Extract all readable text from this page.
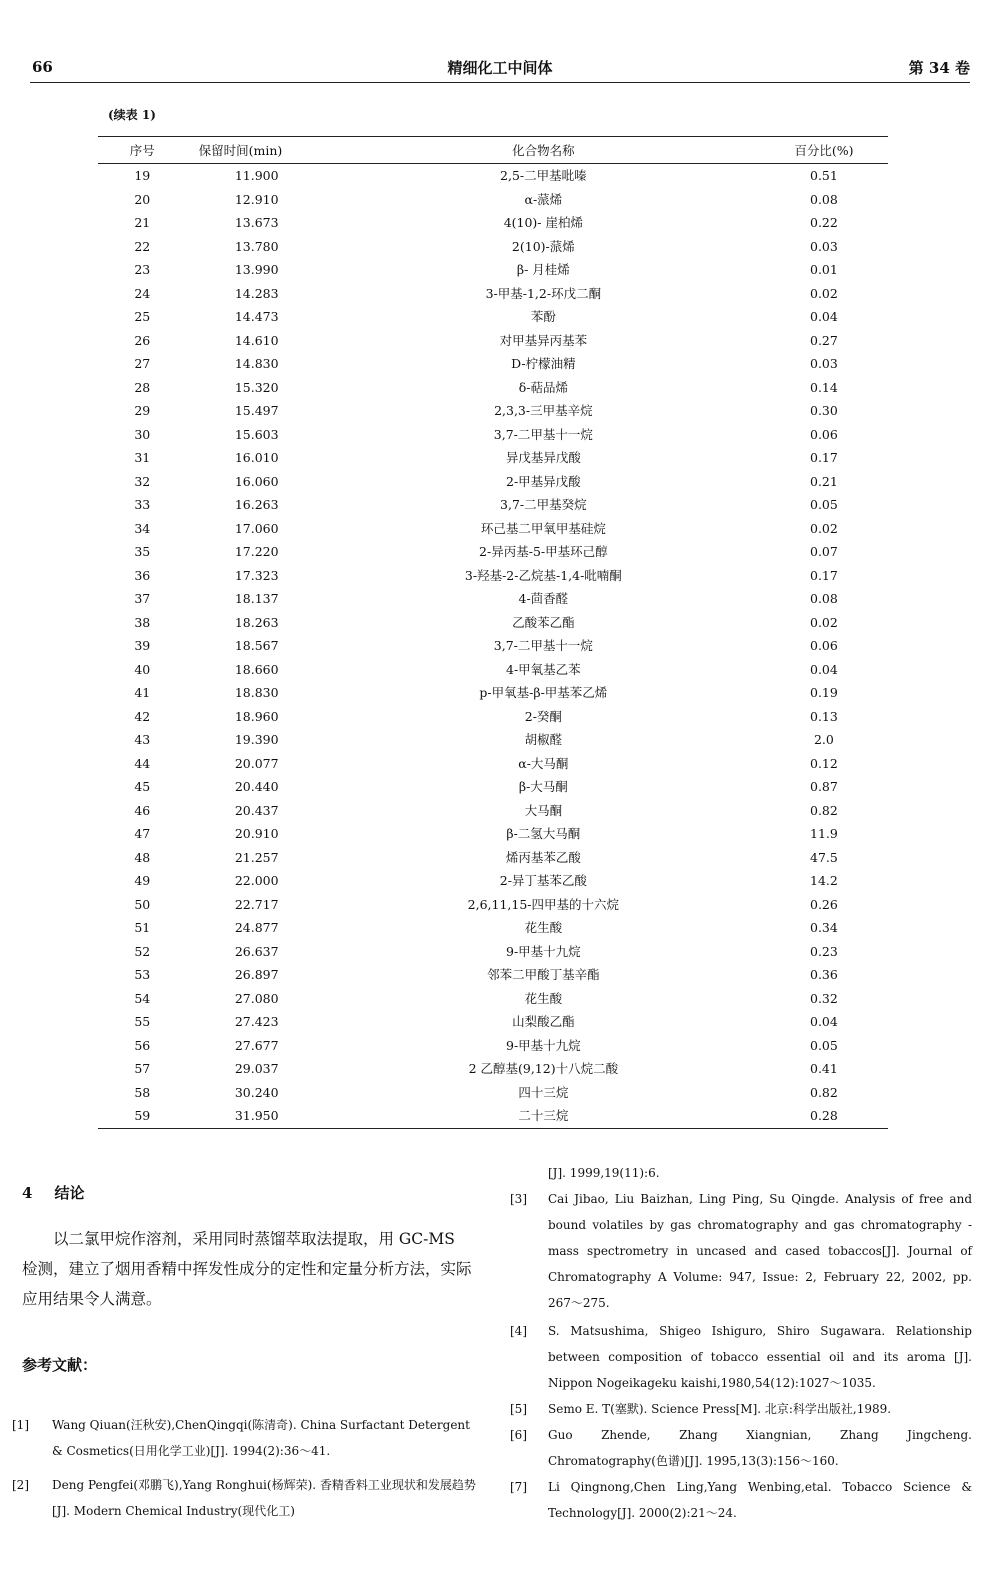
66	精细化工中间体	第 34 卷
(续表 1)
序号	保留时间(min)	化合物名称	百分比(%)
19	11.900	2,5-二甲基吡嗪	0.51
20	12.910	α-蒎烯	0.08
21	13.673	4(10)- 崖柏烯	0.22
22	13.780	2(10)-蒎烯	0.03
23	13.990	β- 月桂烯	0.01
24	14.283	3-甲基-1,2-环戊二酮	0.02
25	14.473	苯酚	0.04
26	14.610	对甲基异丙基苯	0.27
27	14.830	D-柠檬油精	0.03
28	15.320	δ-萜品烯	0.14
29	15.497	2,3,3-三甲基辛烷	0.30
30	15.603	3,7-二甲基十一烷	0.06
31	16.010	异戊基异戊酸	0.17
32	16.060	2-甲基异戊酸	0.21
33	16.263	3,7-二甲基癸烷	0.05
34	17.060	环己基二甲氧甲基硅烷	0.02
35	17.220	2-异丙基-5-甲基环己醇	0.07
36	17.323	3-羟基-2-乙烷基-1,4-吡喃酮	0.17
37	18.137	4-茴香醛	0.08
38	18.263	乙酸苯乙酯	0.02
39	18.567	3,7-二甲基十一烷	0.06
40	18.660	4-甲氧基乙苯	0.04
41	18.830	p-甲氧基-β-甲基苯乙烯	0.19
42	18.960	2-癸酮	0.13
43	19.390	胡椒醛	2.0
44	20.077	α-大马酮	0.12
45	20.440	β-大马酮	0.87
46	20.437	大马酮	0.82
47	20.910	β-二氢大马酮	11.9
48	21.257	烯丙基苯乙酸	47.5
49	22.000	2-异丁基苯乙酸	14.2
50	22.717	2,6,11,15-四甲基的十六烷	0.26
51	24.877	花生酸	0.34
52	26.637	9-甲基十九烷	0.23
53	26.897	邻苯二甲酸丁基辛酯	0.36
54	27.080	花生酸	0.32
55	27.423	山梨酸乙酯	0.04
56	27.677	9-甲基十九烷	0.05
57	29.037	2 乙醇基(9,12)十八烷二酸	0.41
58	30.240	四十三烷	0.82
59	31.950	二十三烷	0.28
4 结论
以二氯甲烷作溶剂，采用同时蒸馏萃取法提取，用 GC-MS 检测，建立了烟用香精中挥发性成分的定性和定量分析方法，实际应用结果令人满意。
参考文献：
[1]	Wang Qiuan(汪秋安),ChenQingqi(陈清奇). China Surfactant Detergent & Cosmetics(日用化学工业)[J]. 1994(2):36～41.
[2]	Deng Pengfei(邓鹏飞),Yang Ronghui(杨辉荣). 香精香料工业现状和发展趋势[J]. Modern Chemical Industry(现代化工)
[J]. 1999,19(11):6.
[3]	Cai Jibao, Liu Baizhan, Ling Ping, Su Qingde. Analysis of free and bound volatiles by gas chromatography and gas chromatography - mass spectrometry in uncased and cased tobaccos[J]. Journal of Chromatography A Volume: 947, Issue: 2, February 22, 2002, pp. 267～275.
[4]	S. Matsushima, Shigeo Ishiguro, Shiro Sugawara. Relationship between composition of tobacco essential oil and its aroma [J]. Nippon Nogeikageku kaishi,1980,54(12):1027～1035.
[5]	Semo E. T(塞默). Science Press[M]. 北京:科学出版社,1989.
[6]	Guo Zhende, Zhang Xiangnian, Zhang Jingcheng. Chromatography(色谱)[J]. 1995,13(3):156～160.
[7]	Li Qingnong,Chen Ling,Yang Wenbing,etal. Tobacco Science & Technology[J]. 2000(2):21～24.
